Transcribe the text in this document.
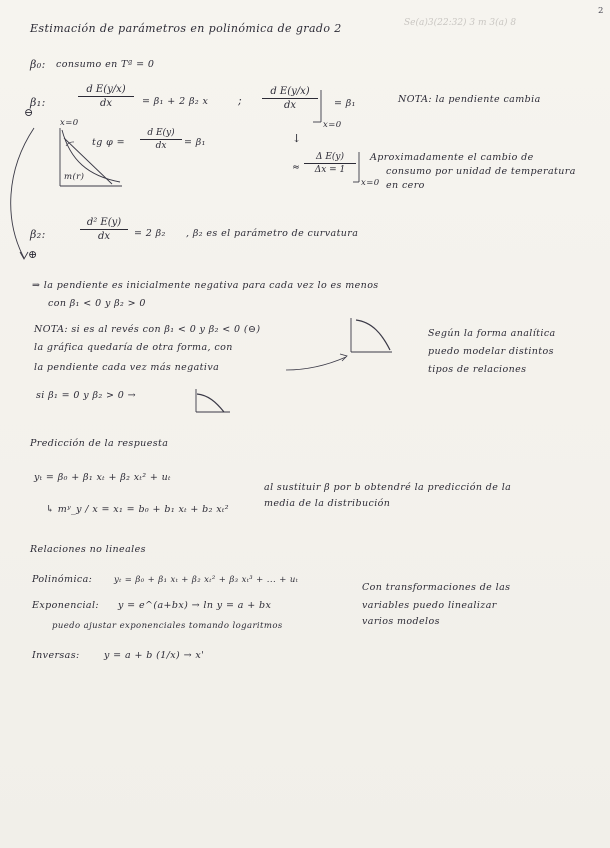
2
Se(a)3(22:32) 3 m 3(a) 8
Estimación de parámetros en polinómica de grado 2
β₀: consumo en Tª = 0
β₁:	$\frac{\text{d E(y/x)}}{dx} = \beta_1 + 2$ β₂ x	; $\frac{\text{d E(y/x)}}{dx}$
x=0
= β₁	NOTA: la pendiente cambia
⊖
x=0
m(r)
tg $\varphi = \frac{\text{d E(y)}}{dx} = \beta_1$	↓
≈ $\frac{\text{Δ E(y)}}{\Delta x = 1}$
x=0
Aproximadamente el cambio de
consumo por unidad de temperatura
en cero
β₂:	$\frac{\text{d² E(y)}}{dx} = 2$ β₂ , β₂ es el parámetro de curvatura
⊕
⇒ la pendiente es inicialmente negativa para cada vez lo es menos
con β₁ < 0 y β₂ > 0
NOTA: si es al revés con β₁ < 0 y β₂ < 0 (⊖)
la gráfica quedaría de otra forma, con
la pendiente cada vez más negativa
Según la forma analítica
puedo modelar distintos
tipos de relaciones
si β₁ = 0 y β₂ > 0 →
Predicción de la respuesta
yₜ = β₀ + β₁ xₜ + β₂ xₜ² + uₜ
↳ mʸ_y / x = x₁ = b₀ + b₁ xₜ + b₂ xₜ²
al sustituir β por b obtendré la predicción de la
media de la distribución
Relaciones no lineales
Polinómica:	yₜ = β₀ + β₁ xₜ + β₂ xₜ² + β₃ xₜ³ + ... + uₜ
Exponencial: y = e^(a+bx) → ln y = a + bx
puedo ajustar exponenciales tomando logaritmos
Inversas:	y = a + b (1/x) → x'
Con transformaciones de las
variables puedo linealizar
varios modelos
